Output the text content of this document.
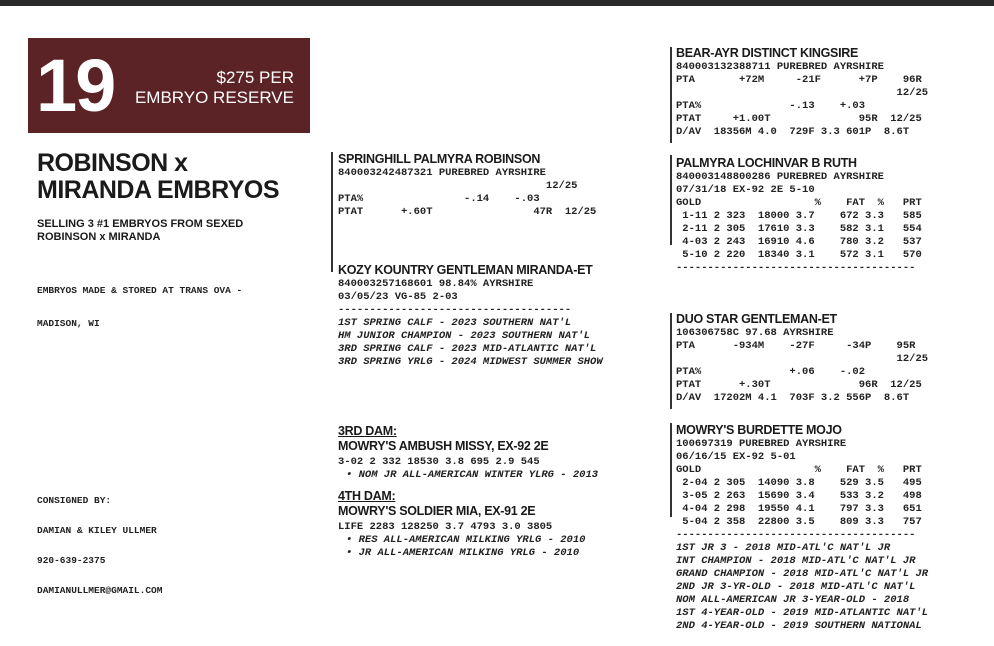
19	$275 PER
EMBRYO RESERVE
ROBINSON x
MIRANDA EMBRYOS
SELLING 3 #1 EMBRYOS FROM SEXED
ROBINSON x MIRANDA

EMBRYOS MADE & STORED AT TRANS OVA -

MADISON, WI

CONSIGNED BY:

DAMIAN & KILEY ULLMER

920-639-2375

DAMIANULLMER@GMAIL.COM

SPRINGHILL PALMYRA ROBINSON
840003242487321 PUREBRED AYRSHIRE
12/25
PTA%                -.14    -.03
PTAT      +.60T                47R  12/25
KOZY KOUNTRY GENTLEMAN MIRANDA-ET
840003257168601 98.84% AYRSHIRE
03/05/23 VG-85 2-03
-------------------------------------
1ST SPRING CALF - 2023 SOUTHERN NAT'L
HM JUNIOR CHAMPION - 2023 SOUTHERN NAT'L
3RD SPRING CALF - 2023 MID-ATLANTIC NAT'L
3RD SPRING YRLG - 2024 MIDWEST SUMMER SHOW
3RD DAM:
MOWRY'S AMBUSH MISSY, EX-92 2E
3-02 2 332 18530 3.8 695 2.9 545
• NOM JR ALL-AMERICAN WINTER YLRG - 2013
4TH DAM:
MOWRY'S SOLDIER MIA, EX-91 2E
LIFE 2283 128250 3.7 4793 3.0 3805
• RES ALL-AMERICAN MILKING YRLG - 2010
• JR ALL-AMERICAN MILKING YRLG - 2010
BEAR-AYR DISTINCT KINGSIRE
840003132388711 PUREBRED AYRSHIRE
PTA       +72M     -21F      +7P    96R
12/25
PTA%              -.13    +.03
PTAT     +1.00T              95R  12/25
D/AV  18356M 4.0  729F 3.3 601P  8.6T
PALMYRA LOCHINVAR B RUTH
840003148800286 PUREBRED AYRSHIRE
07/31/18 EX-92 2E 5-10
GOLD                  %    FAT  %   PRT
1-11 2 323  18000 3.7    672 3.3   585
2-11 2 305  17610 3.3    582 3.1   554
4-03 2 243  16910 4.6    780 3.2   537
5-10 2 220  18340 3.1    572 3.1   570
--------------------------------------
DUO STAR GENTLEMAN-ET
106306758C 97.68 AYRSHIRE
PTA      -934M    -27F     -34P    95R
12/25
PTA%              +.06    -.02
PTAT      +.30T              96R  12/25
D/AV  17202M 4.1  703F 3.2 556P  8.6T
MOWRY'S BURDETTE MOJO
100697319 PUREBRED AYRSHIRE
06/16/15 EX-92 5-01
GOLD                  %    FAT  %   PRT
2-04 2 305  14090 3.8    529 3.5   495
3-05 2 263  15690 3.4    533 3.2   498
4-04 2 298  19550 4.1    797 3.3   651
5-04 2 358  22800 3.5    809 3.3   757
--------------------------------------
1ST JR 3 - 2018 MID-ATL'C NAT'L JR
INT CHAMPION - 2018 MID-ATL'C NAT'L JR
GRAND CHAMPION - 2018 MID-ATL'C NAT'L JR
2ND JR 3-YR-OLD - 2018 MID-ATL'C NAT'L
NOM ALL-AMERICAN JR 3-YEAR-OLD - 2018
1ST 4-YEAR-OLD - 2019 MID-ATLANTIC NAT'L
2ND 4-YEAR-OLD - 2019 SOUTHERN NATIONAL
